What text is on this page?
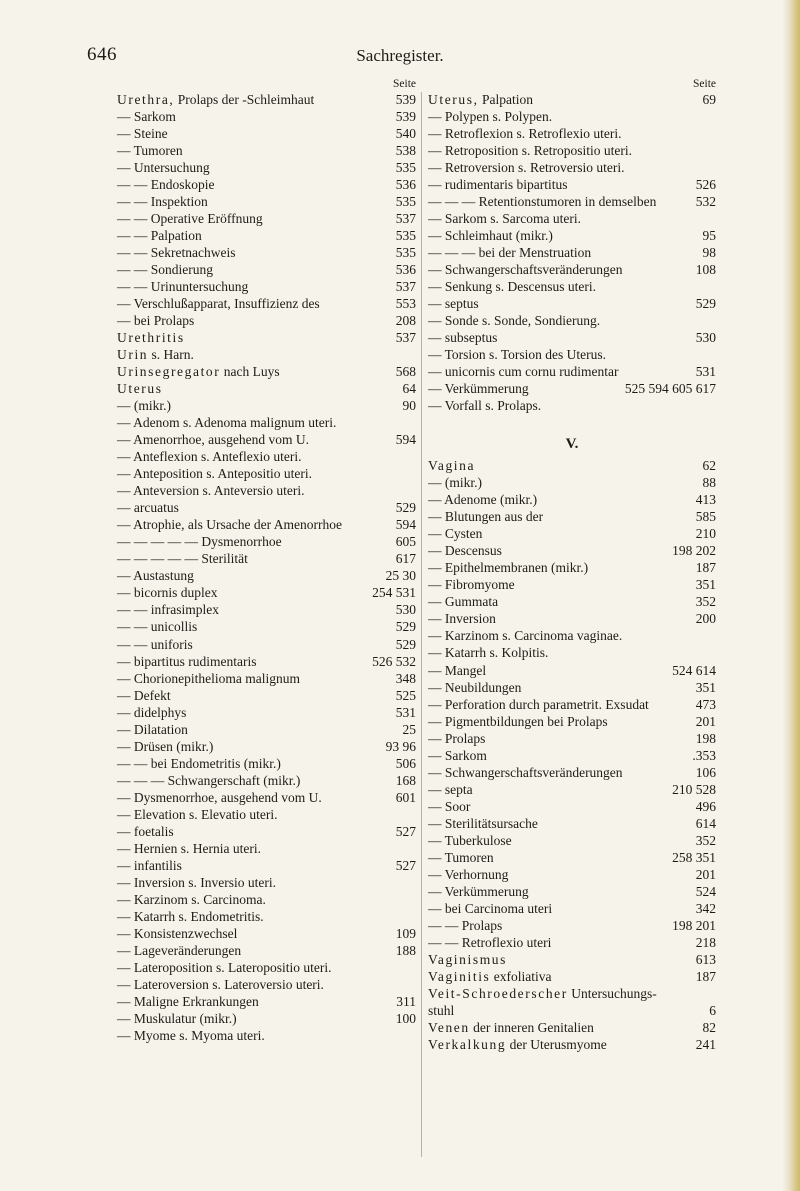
646	Sachregister.
Seite
Urethra, Prolaps der -Schleimhaut	539
— Sarkom	539
— Steine	540
— Tumoren	538
— Untersuchung	535
— — Endoskopie	536
— — Inspektion	535
— — Operative Eröffnung	537
— — Palpation	535
— — Sekretnachweis	535
— — Sondierung	536
— — Urinuntersuchung	537
— Verschlußapparat, Insuffizienz des	553
— bei Prolaps	208
Urethritis	537
Urin s. Harn.
Urinsegregator nach Luys	568
Uterus	64
— (mikr.)	90
— Adenom s. Adenoma malignum uteri.
— Amenorrhoe, ausgehend vom U.	594
— Anteflexion s. Anteflexio uteri.
— Anteposition s. Antepositio uteri.
— Anteversion s. Anteversio uteri.
— arcuatus	529
— Atrophie, als Ursache der Amenorrhoe	594
— — — — — Dysmenorrhoe	605
— — — — — Sterilität	617
— Austastung	25 30
— bicornis duplex	254 531
— — infrasimplex	530
— — unicollis	529
— — uniforis	529
— bipartitus rudimentaris	526 532
— Chorionepithelioma malignum	348
— Defekt	525
— didelphys	531
— Dilatation	25
— Drüsen (mikr.)	93 96
— — bei Endometritis (mikr.)	506
— — — Schwangerschaft (mikr.)	168
— Dysmenorrhoe, ausgehend vom U.	601
— Elevation s. Elevatio uteri.
— foetalis	527
— Hernien s. Hernia uteri.
— infantilis	527
— Inversion s. Inversio uteri.
— Karzinom s. Carcinoma.
— Katarrh s. Endometritis.
— Konsistenzwechsel	109
— Lageveränderungen	188
— Lateroposition s. Lateropositio uteri.
— Lateroversion s. Lateroversio uteri.
— Maligne Erkrankungen	311
— Muskulatur (mikr.)	100
— Myome s. Myoma uteri.
Seite
Uterus, Palpation	69
— Polypen s. Polypen.
— Retroflexion s. Retroflexio uteri.
— Retroposition s. Retropositio uteri.
— Retroversion s. Retroversio uteri.
— rudimentaris bipartitus	526
— — — Retentionstumoren in demselben	532
— Sarkom s. Sarcoma uteri.
— Schleimhaut (mikr.)	95
— — — bei der Menstruation	98
— Schwangerschaftsveränderungen	108
— Senkung s. Descensus uteri.
— septus	529
— Sonde s. Sonde, Sondierung.
— subseptus	530
— Torsion s. Torsion des Uterus.
— unicornis cum cornu rudimentar	531
— Verkümmerung	525 594 605 617
— Vorfall s. Prolaps.
V.
Vagina	62
— (mikr.)	88
— Adenome (mikr.)	413
— Blutungen aus der	585
— Cysten	210
— Descensus	198 202
— Epithelmembranen (mikr.)	187
— Fibromyome	351
— Gummata	352
— Inversion	200
— Karzinom s. Carcinoma vaginae.
— Katarrh s. Kolpitis.
— Mangel	524 614
— Neubildungen	351
— Perforation durch parametrit. Exsudat	473
— Pigmentbildungen bei Prolaps	201
— Prolaps	198
— Sarkom	.353
— Schwangerschaftsveränderungen	106
— septa	210 528
— Soor	496
— Sterilitätsursache	614
— Tuberkulose	352
— Tumoren	258 351
— Verhornung	201
— Verkümmerung	524
— bei Carcinoma uteri	342
— — Prolaps	198 201
— — Retroflexio uteri	218
Vaginismus	613
Vaginitis exfoliativa	187
Veit-Schroederscher Untersuchungs-
stuhl	6
Venen der inneren Genitalien	82
Verkalkung der Uterusmyome	241
